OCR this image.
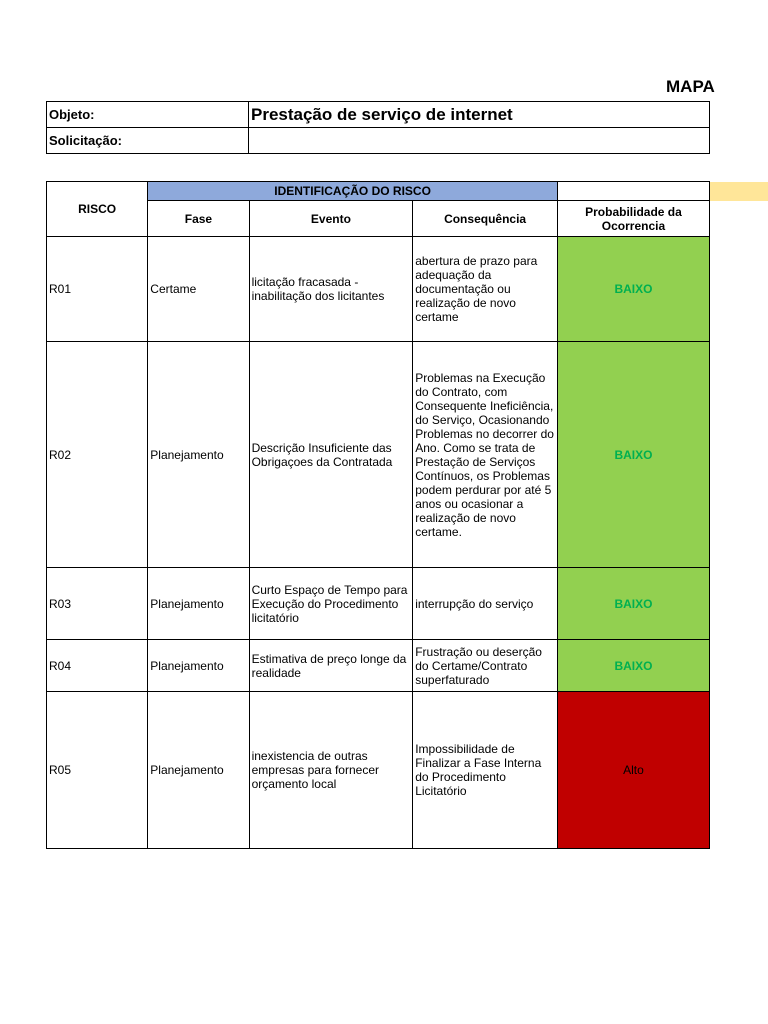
MAPA
Objeto:	Prestação de serviço de internet
Solicitação:	
RISCO	IDENTIFICAÇÃO DO RISCO			
	Fase	Evento	Consequência	Probabilidade da Ocorrencia
R01	Certame	licitação fracasada - inabilitação dos licitantes	abertura de prazo para adequação da documentação ou realização de novo certame	BAIXO
R02	Planejamento	Descrição Insuficiente das Obrigaçoes da Contratada	Problemas na Execução do Contrato, com Consequente Ineficiência, do Serviço, Ocasionando Problemas no decorrer do Ano. Como se trata de Prestação de Serviços Contínuos, os Problemas podem perdurar por até 5 anos ou ocasionar a realização de novo certame.	BAIXO
R03	Planejamento	Curto Espaço de Tempo para Execução do Procedimento licitatório	interrupção do serviço	BAIXO
R04	Planejamento	Estimativa de preço longe da realidade	Frustração ou deserção do Certame/Contrato superfaturado	BAIXO
R05	Planejamento	inexistencia de outras empresas para fornecer orçamento local	Impossibilidade de Finalizar a Fase Interna do Procedimento Licitatório	Alto
